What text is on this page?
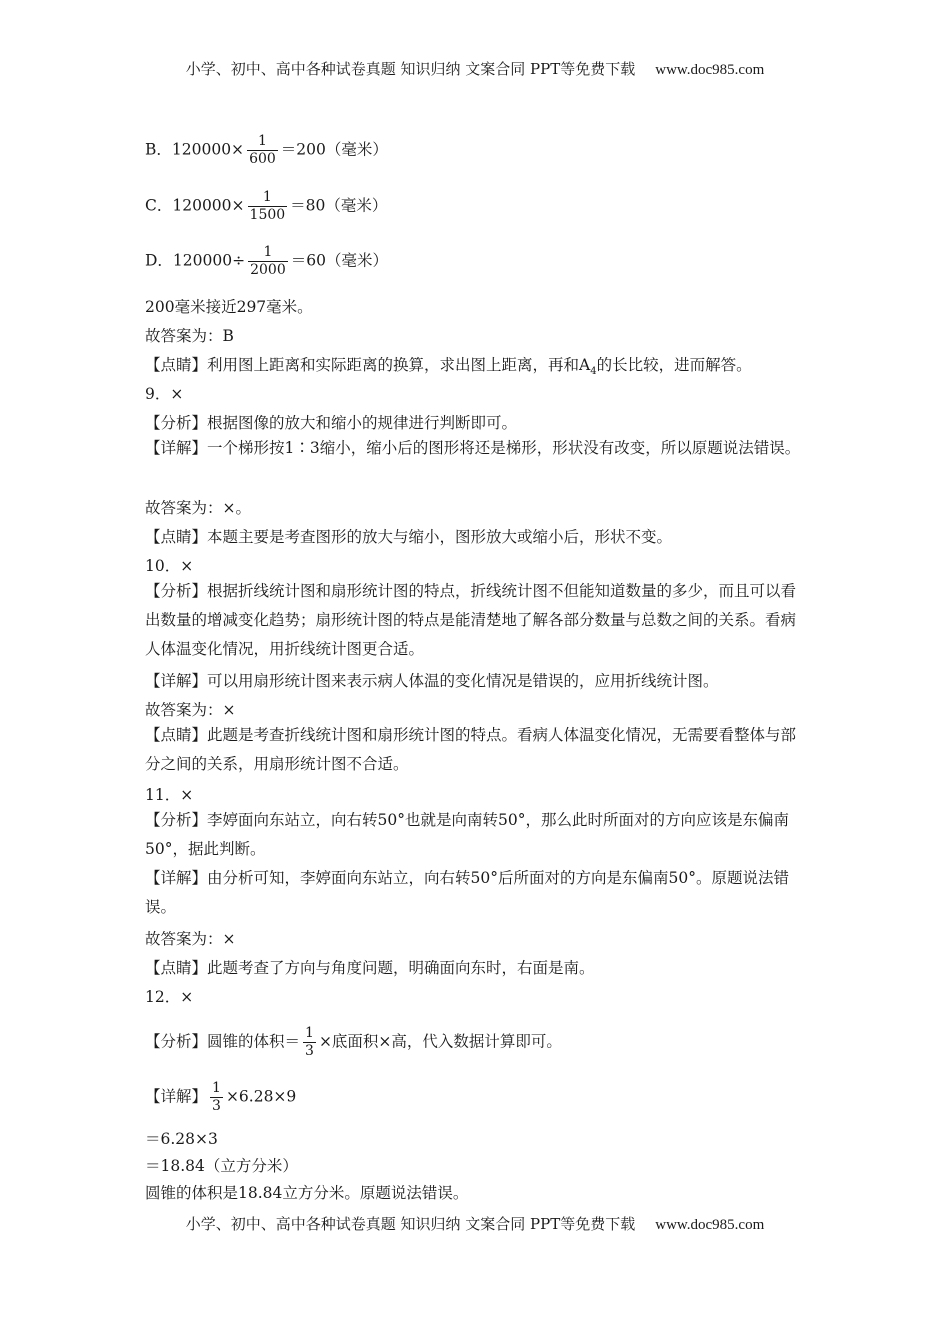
小学、初中、高中各种试卷真题 知识归纳 文案合同 PPT等免费下载 www.doc985.com
B．$120000\times \frac{1}{600} =200$（毫米）
C．$120000\times \frac{1}{1500} =80$（毫米）
D．$120000\div \frac{1}{2000} =60$（毫米）
200毫米接近297毫米。
故答案为：B
【点睛】利用图上距离和实际距离的换算，求出图上距离，再和$A_4$的长比较，进而解答。
9．×
【分析】根据图像的放大和缩小的规律进行判断即可。
【详解】一个梯形按1∶3缩小，缩小后的图形将还是梯形，形状没有改变，所以原题说法错误。
故答案为：×。
【点睛】本题主要是考查图形的放大与缩小，图形放大或缩小后，形状不变。
10．×
【分析】根据折线统计图和扇形统计图的特点，折线统计图不但能知道数量的多少，而且可以看出数量的增减变化趋势；扇形统计图的特点是能清楚地了解各部分数量与总数之间的关系。看病人体温变化情况，用折线统计图更合适。
【详解】可以用扇形统计图来表示病人体温的变化情况是错误的，应用折线统计图。
故答案为：×
【点睛】此题是考查折线统计图和扇形统计图的特点。看病人体温变化情况，无需要看整体与部分之间的关系，用扇形统计图不合适。
11．×
【分析】李婷面向东站立，向右转50°也就是向南转50°，那么此时所面对的方向应该是东偏南50°，据此判断。
【详解】由分析可知，李婷面向东站立，向右转50°后所面对的方向是东偏南50°。原题说法错误。
故答案为：×
【点睛】此题考查了方向与角度问题，明确面向东时，右面是南。
12．×
【分析】圆锥的体积＝ $\frac{1}{3}$ ×底面积×高，代入数据计算即可。
【详解】 $\frac{1}{3} \times 6.28\times 9$
＝6.28×3
＝18.84（立方分米）
圆锥的体积是18.84立方分米。原题说法错误。
小学、初中、高中各种试卷真题 知识归纳 文案合同 PPT等免费下载 www.doc985.com
